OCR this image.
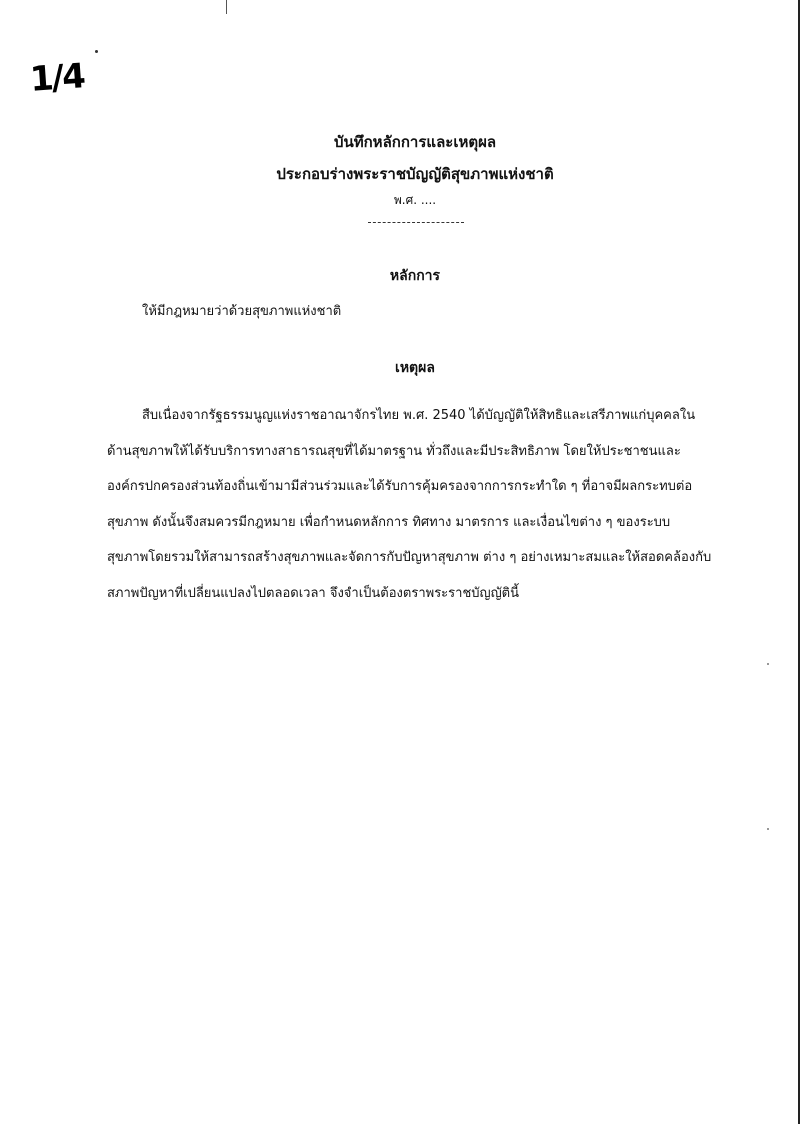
1/4
บันทึกหลักการและเหตุผล
ประกอบร่างพระราชบัญญัติสุขภาพแห่งชาติ
พ.ศ. ....
หลักการ
ให้มีกฎหมายว่าด้วยสุขภาพแห่งชาติ
เหตุผล
สืบเนื่องจากรัฐธรรมนูญแห่งราชอาณาจักรไทย พ.ศ. 2540 ได้บัญญัติให้สิทธิและเสรีภาพแก่บุคคลใน
ด้านสุขภาพให้ได้รับบริการทางสาธารณสุขที่ได้มาตรฐาน ทั่วถึงและมีประสิทธิภาพ โดยให้ประชาชนและ
องค์กรปกครองส่วนท้องถิ่นเข้ามามีส่วนร่วมและได้รับการคุ้มครองจากการกระทำใด ๆ ที่อาจมีผลกระทบต่อ
สุขภาพ ดังนั้นจึงสมควรมีกฎหมาย เพื่อกำหนดหลักการ ทิศทาง มาตรการ และเงื่อนไขต่าง ๆ ของระบบ
สุขภาพโดยรวมให้สามารถสร้างสุขภาพและจัดการกับปัญหาสุขภาพ ต่าง ๆ อย่างเหมาะสมและให้สอดคล้องกับ
สภาพปัญหาที่เปลี่ยนแปลงไปตลอดเวลา จึงจำเป็นต้องตราพระราชบัญญัตินี้
